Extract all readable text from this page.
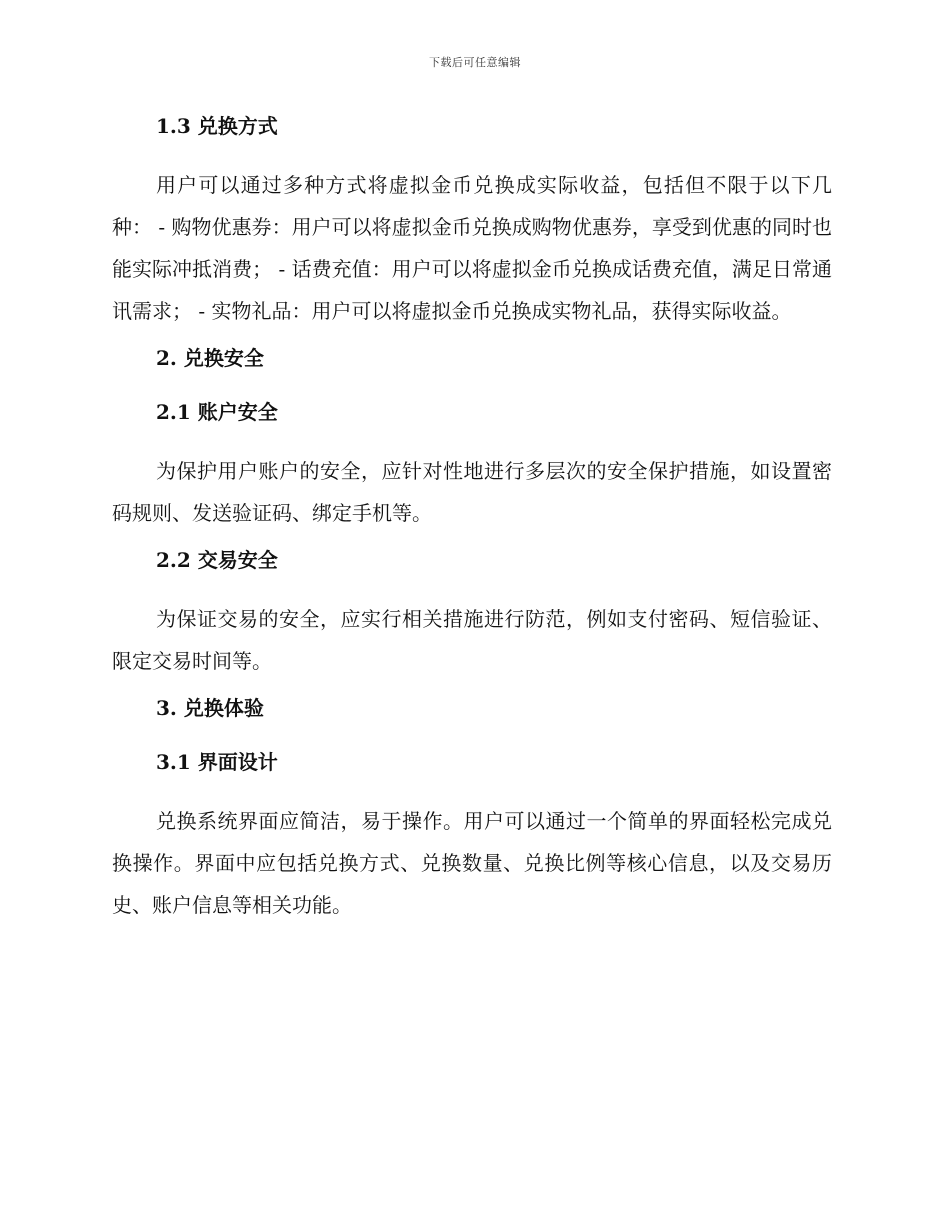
下载后可任意编辑
1.3 兑换方式

用户可以通过多种方式将虚拟金币兑换成实际收益，包括但不限于以下几种： - 购物优惠券：用户可以将虚拟金币兑换成购物优惠券，享受到优惠的同时也能实际冲抵消费； - 话费充值：用户可以将虚拟金币兑换成话费充值，满足日常通讯需求； - 实物礼品：用户可以将虚拟金币兑换成实物礼品，获得实际收益。

2. 兑换安全
2.1 账户安全

为保护用户账户的安全，应针对性地进行多层次的安全保护措施，如设置密码规则、发送验证码、绑定手机等。

2.2 交易安全

为保证交易的安全，应实行相关措施进行防范，例如支付密码、短信验证、限定交易时间等。

3. 兑换体验
3.1 界面设计

兑换系统界面应简洁，易于操作。用户可以通过一个简单的界面轻松完成兑换操作。界面中应包括兑换方式、兑换数量、兑换比例等核心信息，以及交易历史、账户信息等相关功能。
